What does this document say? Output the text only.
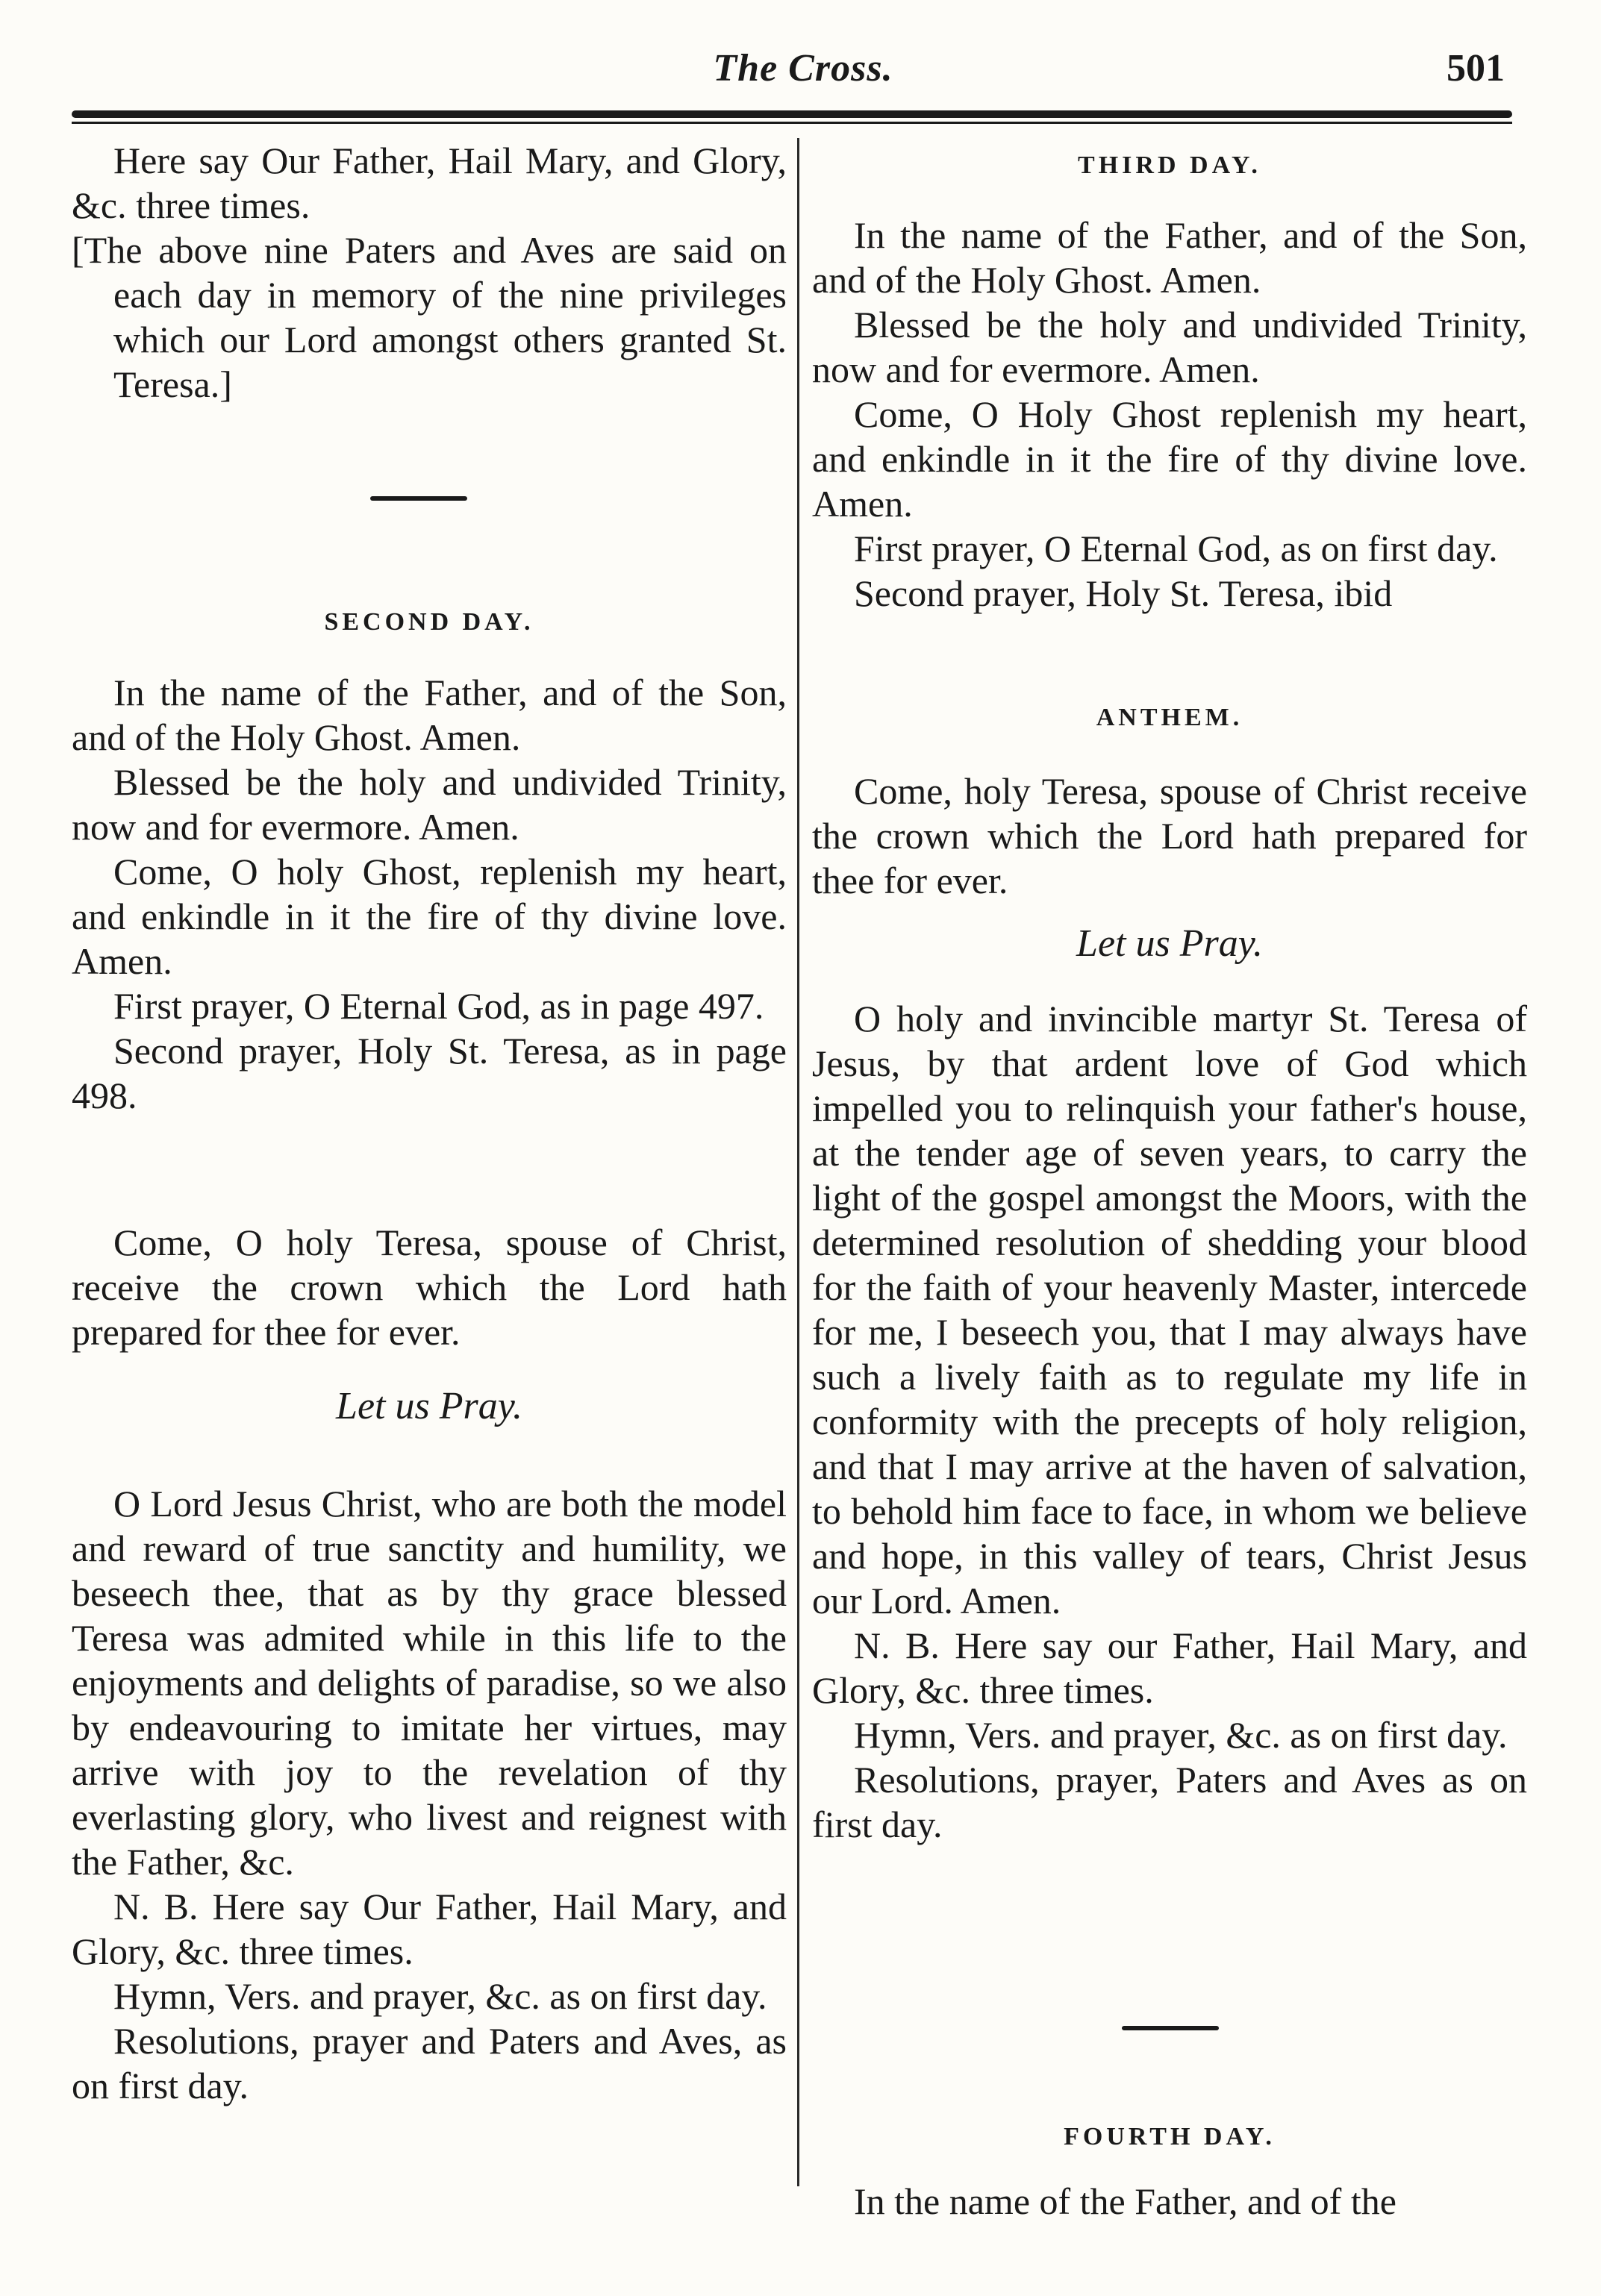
The Cross.	501

Here say Our Father, Hail Mary, and Glory, &c. three times.

[The above nine Paters and Aves are said on each day in memory of the nine privileges which our Lord amongst others granted St. Teresa.]

SECOND DAY.

In the name of the Father, and of the Son, and of the Holy Ghost. Amen.

Blessed be the holy and undivided Trinity, now and for evermore. Amen.

Come, O holy Ghost, replenish my heart, and enkindle in it the fire of thy divine love. Amen.

First prayer, O Eternal God, as in page 497.

Second prayer, Holy St. Teresa, as in page 498.

Come, O holy Teresa, spouse of Christ, receive the crown which the Lord hath prepared for thee for ever.

Let us Pray.

O Lord Jesus Christ, who are both the model and reward of true sanctity and humility, we beseech thee, that as by thy grace blessed Teresa was admited while in this life to the enjoyments and delights of paradise, so we also by endeavouring to imitate her virtues, may arrive with joy to the revelation of thy everlasting glory, who livest and reignest with the Father, &c.

N. B. Here say Our Father, Hail Mary, and Glory, &c. three times.

Hymn, Vers. and prayer, &c. as on first day.

Resolutions, prayer and Paters and Aves, as on first day.

THIRD DAY.

In the name of the Father, and of the Son, and of the Holy Ghost. Amen.

Blessed be the holy and undivided Trinity, now and for evermore. Amen.

Come, O Holy Ghost replenish my heart, and enkindle in it the fire of thy divine love. Amen.

First prayer, O Eternal God, as on first day.

Second prayer, Holy St. Teresa, ibid

ANTHEM.

Come, holy Teresa, spouse of Christ receive the crown which the Lord hath prepared for thee for ever.

Let us Pray.

O holy and invincible martyr St. Teresa of Jesus, by that ardent love of God which impelled you to relinquish your father's house, at the tender age of seven years, to carry the light of the gospel amongst the Moors, with the determined resolution of shedding your blood for the faith of your heavenly Master, intercede for me, I beseech you, that I may always have such a lively faith as to regulate my life in conformity with the precepts of holy religion, and that I may arrive at the haven of salvation, to behold him face to face, in whom we believe and hope, in this valley of tears, Christ Jesus our Lord. Amen.

N. B. Here say our Father, Hail Mary, and Glory, &c. three times.

Hymn, Vers. and prayer, &c. as on first day.

Resolutions, prayer, Paters and Aves as on first day.

FOURTH DAY.

In the name of the Father, and of the
